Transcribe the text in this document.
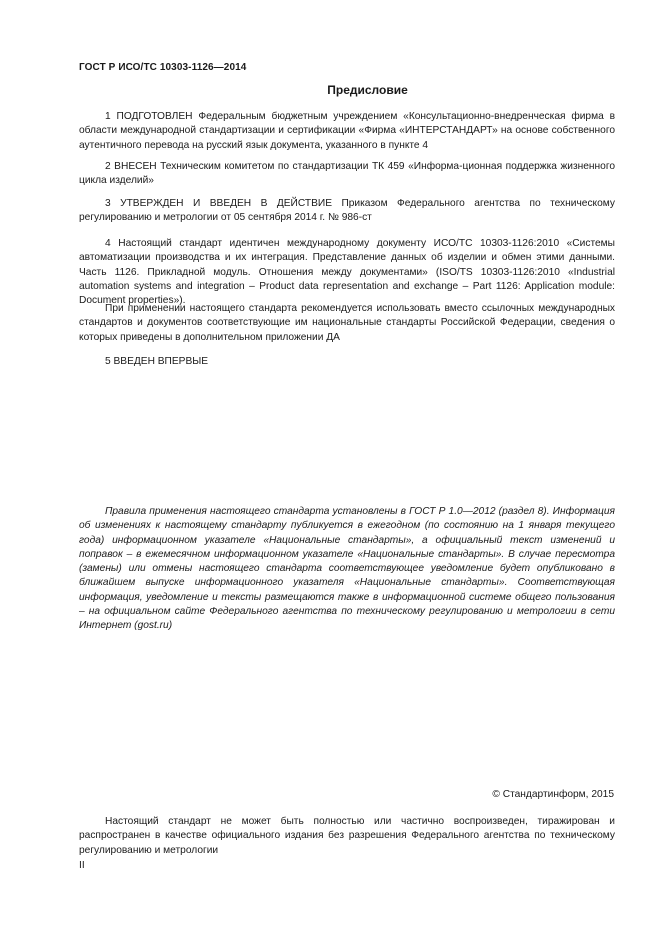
ГОСТ Р ИСО/ТС 10303-1126—2014
Предисловие

1 ПОДГОТОВЛЕН Федеральным бюджетным учреждением «Консультационно-внедренческая фирма в области международной стандартизации и сертификации «Фирма «ИНТЕРСТАНДАРТ» на основе собственного аутентичного перевода на русский язык документа, указанного в пункте 4

2 ВНЕСЕН Техническим комитетом по стандартизации ТК 459 «Информа-ционная поддержка жизненного цикла изделий»

3 УТВЕРЖДЕН И ВВЕДЕН В ДЕЙСТВИЕ Приказом Федерального агентства по техническому регулированию и метрологии от 05 сентября 2014 г. № 986-ст

4 Настоящий стандарт идентичен международному документу ИСО/ТС 10303-1126:2010 «Системы автоматизации производства и их интеграция. Представление данных об изделии и обмен этими данными. Часть 1126. Прикладной модуль. Отношения между документами» (ISO/TS 10303-1126:2010 «Industrial automation systems and integration – Product data representation and exchange – Part 1126: Application module: Document properties»).

При применении настоящего стандарта рекомендуется использовать вместо ссылочных международных стандартов и документов соответствующие им национальные стандарты Российской Федерации, сведения о которых приведены в дополнительном приложении ДА

5 ВВЕДЕН ВПЕРВЫЕ

Правила применения настоящего стандарта установлены в ГОСТ Р 1.0—2012 (раздел 8). Информация об изменениях к настоящему стандарту публикуется в ежегодном (по состоянию на 1 января текущего года) информационном указателе «Национальные стандарты», а официальный текст изменений и поправок – в ежемесячном информационном указателе «Национальные стандарты». В случае пересмотра (замены) или отмены настоящего стандарта соответствующее уведомление будет опубликовано в ближайшем выпуске информационного указателя «Национальные стандарты». Соответствующая информация, уведомление и тексты размещаются также в информационной системе общего пользования – на официальном сайте Федерального агентства по техническому регулированию и метрологии в сети Интернет (gost.ru)

© Стандартинформ, 2015

Настоящий стандарт не может быть полностью или частично воспроизведен, тиражирован и распространен в качестве официального издания без разрешения Федерального агентства по техническому регулированию и метрологии

II
